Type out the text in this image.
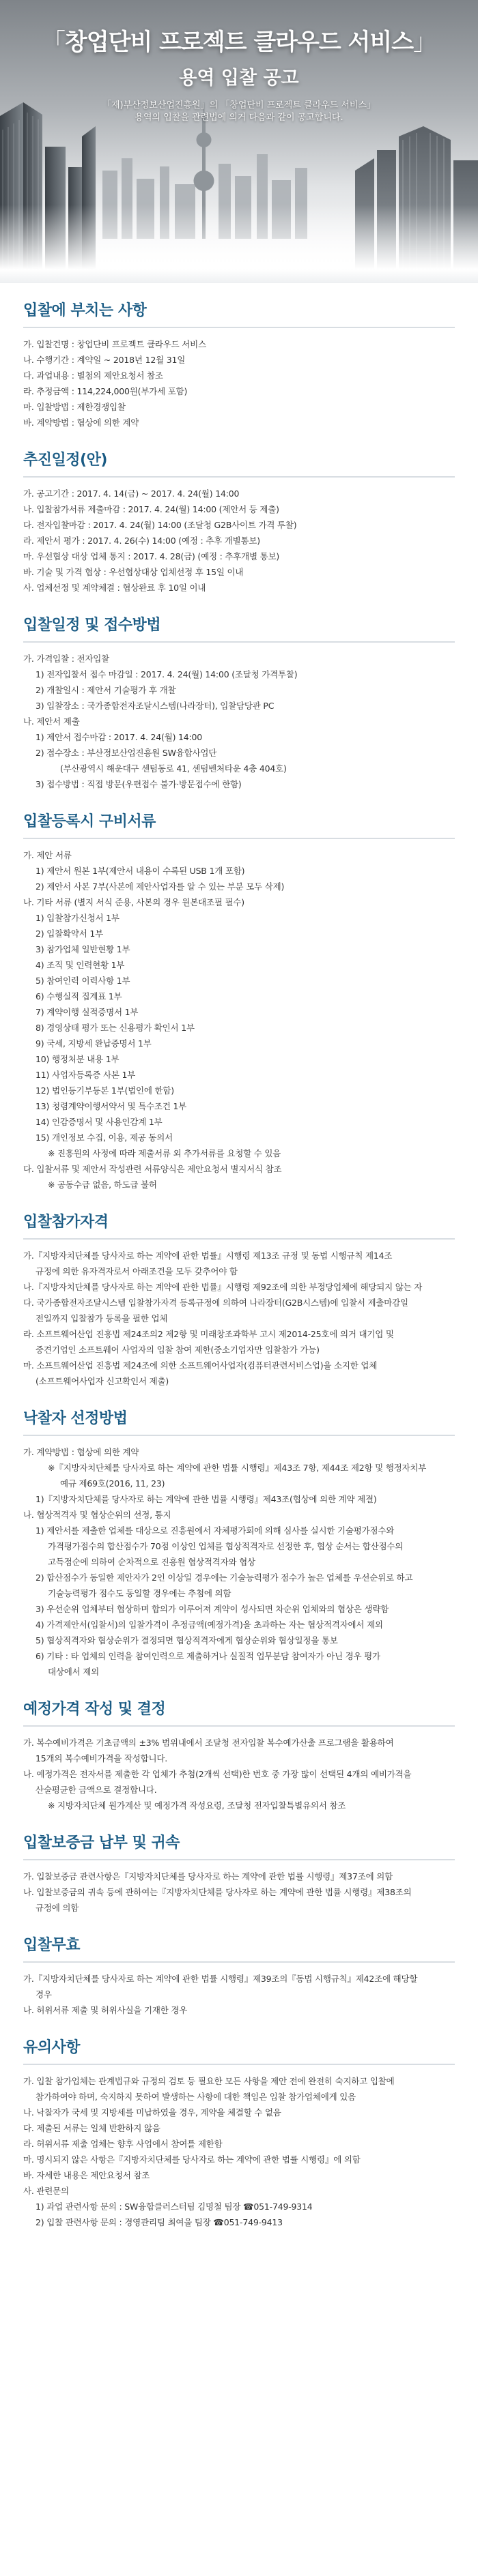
「창업단비 프로젝트 클라우드 서비스」
용역 입찰 공고
「재)부산정보산업진흥원」의 「창업단비 프로젝트 클라우드 서비스」
용역의 입찰을 관련법에 의거 다음과 같이 공고합니다.
입찰에 부치는 사항
가. 입찰건명 : 창업단비 프로젝트 클라우드 서비스
나. 수행기간 : 계약일 ~ 2018년 12월 31일
다. 과업내용 : 별첨의 제안요청서 참조
라. 추정금액 : 114,224,000원(부가세 포함)
마. 입찰방법 : 제한경쟁입찰
바. 계약방법 : 협상에 의한 계약
추진일정(안)
가. 공고기간 : 2017. 4. 14(금) ~ 2017. 4. 24(월) 14:00
나. 입찰참가서류 제출마감 : 2017. 4. 24(월) 14:00 (제안서 등 제출)
다. 전자입찰마감 : 2017. 4. 24(월) 14:00 (조달청 G2B사이트 가격 투찰)
라. 제안서 평가 : 2017. 4. 26(수) 14:00 (예정 : 추후 개별통보)
마. 우선협상 대상 업체 통지 : 2017. 4. 28(금) (예정 : 추후개별 통보)
바. 기술 및 가격 협상 : 우선협상대상 업체선정 후 15일 이내
사. 업체선정 및 계약체결 : 협상완료 후 10일 이내
입찰일정 및 접수방법
가. 가격입찰 : 전자입찰
1) 전자입찰서 접수 마감일 : 2017. 4. 24(월) 14:00 (조달청 가격투찰)
2) 개찰일시 : 제안서 기술평가 후 개찰
3) 입찰장소 : 국가종합전자조달시스템(나라장터), 입찰담당관 PC
나. 제안서 제출
1) 제안서 접수마감 : 2017. 4. 24(월) 14:00
2) 접수장소 : 부산정보산업진흥원 SW융합사업단
(부산광역시 해운대구 센텀동로 41, 센텀벤처타운 4층 404호)
3) 접수방법 : 직접 방문(우편접수 불가·방문접수에 한함)
입찰등록시 구비서류
가. 제안 서류
1) 제안서 원본 1부(제안서 내용이 수록된 USB 1개 포함)
2) 제안서 사본 7부(사본에 제안사업자를 알 수 있는 부분 모두 삭제)
나. 기타 서류 (별지 서식 준용, 사본의 경우 원본대조필 필수)
1) 입찰참가신청서 1부
2) 입찰확약서 1부
3) 참가업체 일반현황 1부
4) 조직 및 인력현황 1부
5) 참여인력 이력사항 1부
6) 수행실적 집계표 1부
7) 계약이행 실적증명서 1부
8) 경영상태 평가 또는 신용평가 확인서 1부
9) 국세, 지방세 완납증명서 1부
10) 행정처분 내용 1부
11) 사업자등록증 사본 1부
12) 법인등기부등본 1부(법인에 한함)
13) 청렴계약이행서약서 및 특수조건 1부
14) 인감증명서 및 사용인감계 1부
15) 개인정보 수집, 이용, 제공 동의서
※ 진흥원의 사정에 따라 제출서류 외 추가서류를 요청할 수 있음
다. 입찰서류 및 제안서 작성관련 서류양식은 제안요청서 별지서식 참조
※ 공동수급 없음, 하도급 불허
입찰참가자격
가.『지방자치단체를 당사자로 하는 계약에 관한 법률』시행령 제13조 규정 및 동법 시행규칙 제14조
규정에 의한 유자격자로서 아래조건을 모두 갖추어야 함
나.『지방자치단체를 당사자로 하는 계약에 관한 법률』시행령 제92조에 의한 부정당업체에 해당되지 않는 자
다. 국가종합전자조달시스템 입찰참가자격 등록규정에 의하여 나라장터(G2B시스템)에 입찰서 제출마감일
전일까지 입찰참가 등록을 필한 업체
라. 소프트웨어산업 진흥법 제24조의2 제2항 및 미래창조과학부 고시 제2014-25호에 의거 대기업 및
중견기업인 소프트웨어 사업자의 입찰 참여 제한(중소기업자만 입찰참가 가능)
마. 소프트웨어산업 진흥법 제24조에 의한 소프트웨어사업자(컴퓨터관련서비스업)을 소지한 업체
(소프트웨어사업자 신고확인서 제출)
낙찰자 선정방법
가. 계약방법 : 협상에 의한 계약
※『지방자치단체를 당사자로 하는 계약에 관한 법률 시행령』제43조 7항, 제44조 제2항 및 행정자치부
예규 제69호(2016, 11, 23)
1)『지방자치단체를 당사자로 하는 계약에 관한 법률 시행령』제43조(협상에 의한 계약 제결)
나. 협상적격자 및 협상순위의 선정, 통지
1) 제안서를 제출한 업체를 대상으로 진흥원에서 자체평가회에 의해 심사를 실시한 기술평가점수와
가격평가점수의 합산점수가 70점 이상인 업체를 협상적격자로 선정한 후, 협상 순서는 합산점수의
고득점순에 의하여 순차적으로 진흥원 협상적격자와 협상
2) 합산점수가 동일한 제안자가 2인 이상일 경우에는 기술능력평가 점수가 높은 업체를 우선순위로 하고
기술능력평가 점수도 동일할 경우에는 추첨에 의함
3) 우선순위 업체부터 협상하며 합의가 이루어져 계약이 성사되면 차순위 업체와의 협상은 생략함
4) 가격제안서(입찰서)의 입찰가격이 추정금액(예정가격)을 초과하는 자는 협상적격자에서 제외
5) 협상적격자와 협상순위가 결정되면 협상적격자에게 협상순위와 협상일정을 통보
6) 기타 : 타 업체의 인력을 참여인력으로 제출하거나 실질적 업무분담 참여자가 아닌 경우 평가
대상에서 제외
예정가격 작성 및 결정
가. 복수예비가격은 기초금액의 ±3% 범위내에서 조달청 전자입찰 복수예가산출 프로그램을 활용하여
15개의 복수예비가격을 작성합니다.
나. 예정가격은 전자서를 제출한 각 업체가 추첨(2개씩 선택)한 번호 중 가장 많이 선택된 4개의 예비가격을
산술평균한 금액으로 결정합니다.
※ 지방자치단체 원가계산 및 예정가격 작성요령, 조달청 전자입찰특별유의서 참조
입찰보증금 납부 및 귀속
가. 입찰보증금 관련사항은『지방자치단체를 당사자로 하는 계약에 관한 법률 시행령』제37조에 의함
나. 입찰보증금의 귀속 등에 관하여는『지방자치단체를 당사자로 하는 계약에 관한 법률 시행령』제38조의
규정에 의함
입찰무효
가.『지방자치단체를 당사자로 하는 계약에 관한 법률 시행령』제39조의『동법 시행규칙』제42조에 해당할
경우
나. 허위서류 제출 및 허위사실을 기재한 경우
유의사항
가. 입찰 참가업체는 관계법규와 규정의 검토 등 필요한 모든 사항을 제안 전에 완전히 숙지하고 입찰에
참가하여야 하며, 숙지하지 못하여 발생하는 사항에 대한 책임은 입찰 참가업체에게 있음
나. 낙찰자가 국세 및 지방세를 미납하였을 경우, 계약을 체결할 수 없음
다. 제출된 서류는 일체 반환하지 않음
라. 허위서류 제출 업체는 향후 사업에서 참여를 제한함
마. 명시되지 않은 사항은『지방자치단체를 당사자로 하는 계약에 관한 법률 시행령』에 의함
바. 자세한 내용은 제안요청서 참조
사. 관련문의
1) 과업 관련사항 문의 : SW융합클러스터팀 김명철 팀장 ☎051-749-9314
2) 입찰 관련사항 문의 : 경영관리팀 최여울 팀장 ☎051-749-9413
